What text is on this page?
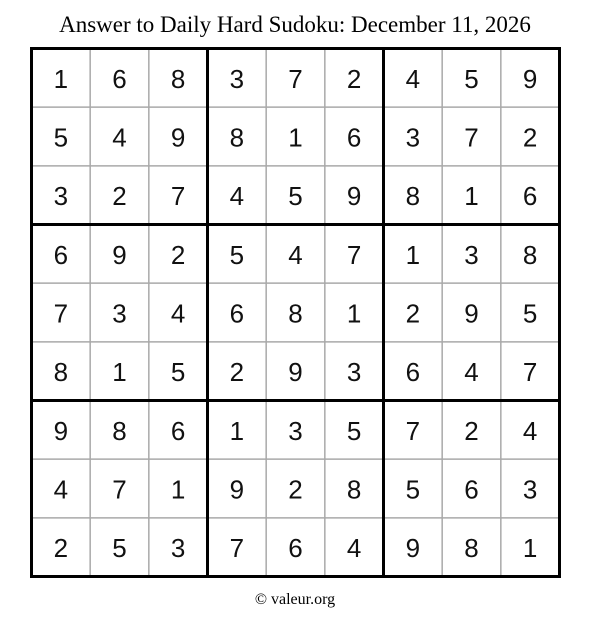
Answer to Daily Hard Sudoku: December 11, 2026
1 6 8 3 7 2 4 5 9
5 4 9 8 1 6 3 7 2
3 2 7 4 5 9 8 1 6
6 9 2 5 4 7 1 3 8
7 3 4 6 8 1 2 9 5
8 1 5 2 9 3 6 4 7
9 8 6 1 3 5 7 2 4
4 7 1 9 2 8 5 6 3
2 5 3 7 6 4 9 8 1
© valeur.org
